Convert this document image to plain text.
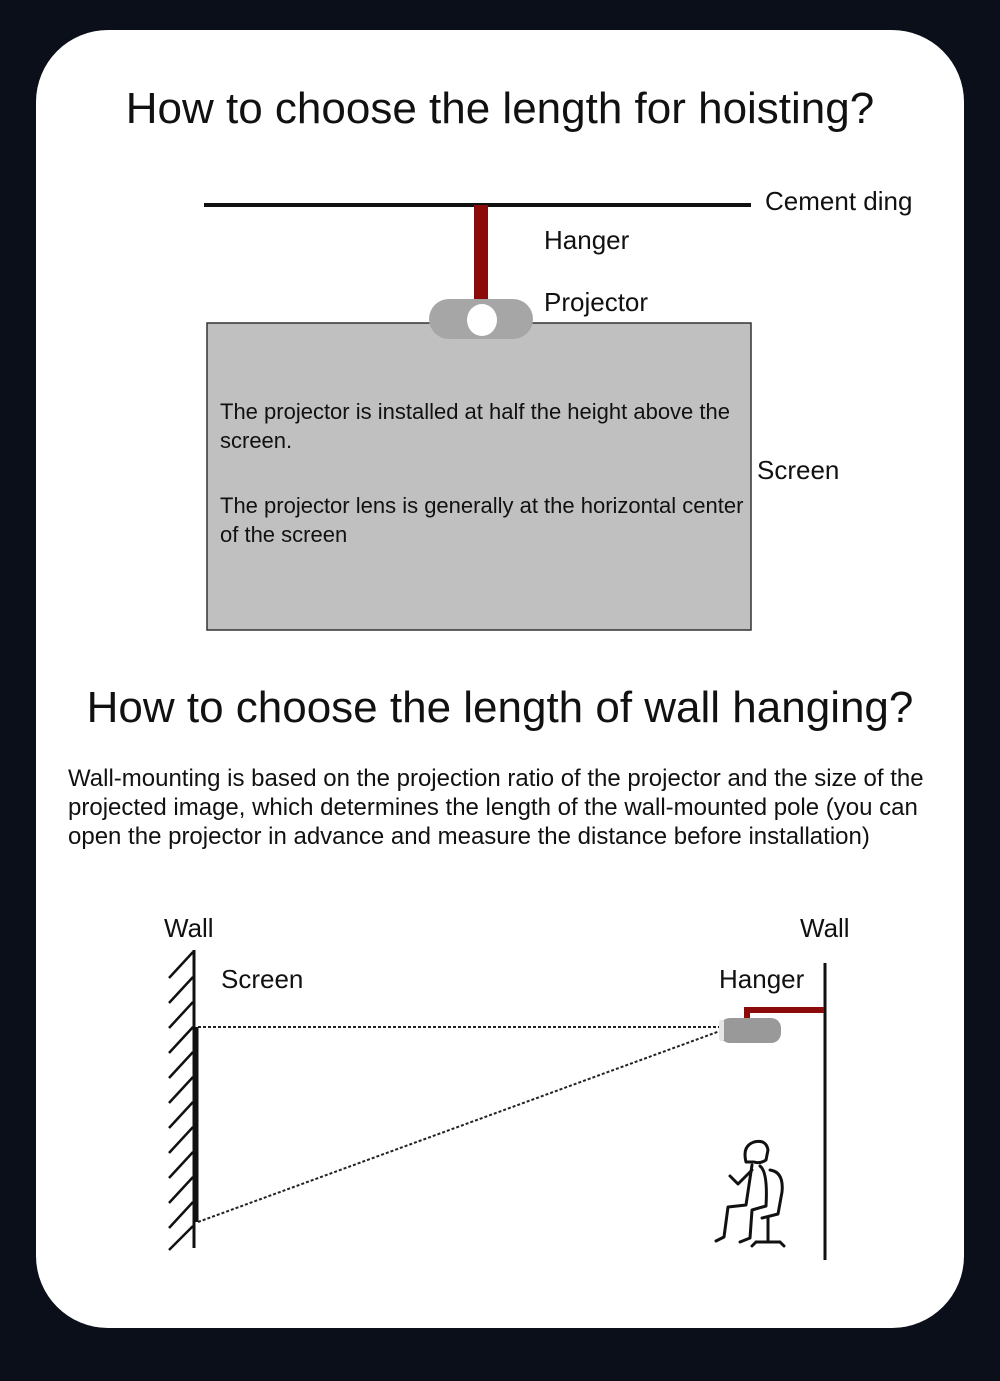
How to choose the length for hoisting?
Cement ding
Hanger
Projector
Screen
The projector is installed at half the height above the screen.
The projector lens is generally at the horizontal center of the screen
How to choose the length of wall hanging?
Wall-mounting is based on the projection ratio of the projector and the size of the projected image, which determines the length of the wall-mounted pole (you can open the projector in advance and measure the distance before installation)
Wall	Wall
Screen	Hanger
